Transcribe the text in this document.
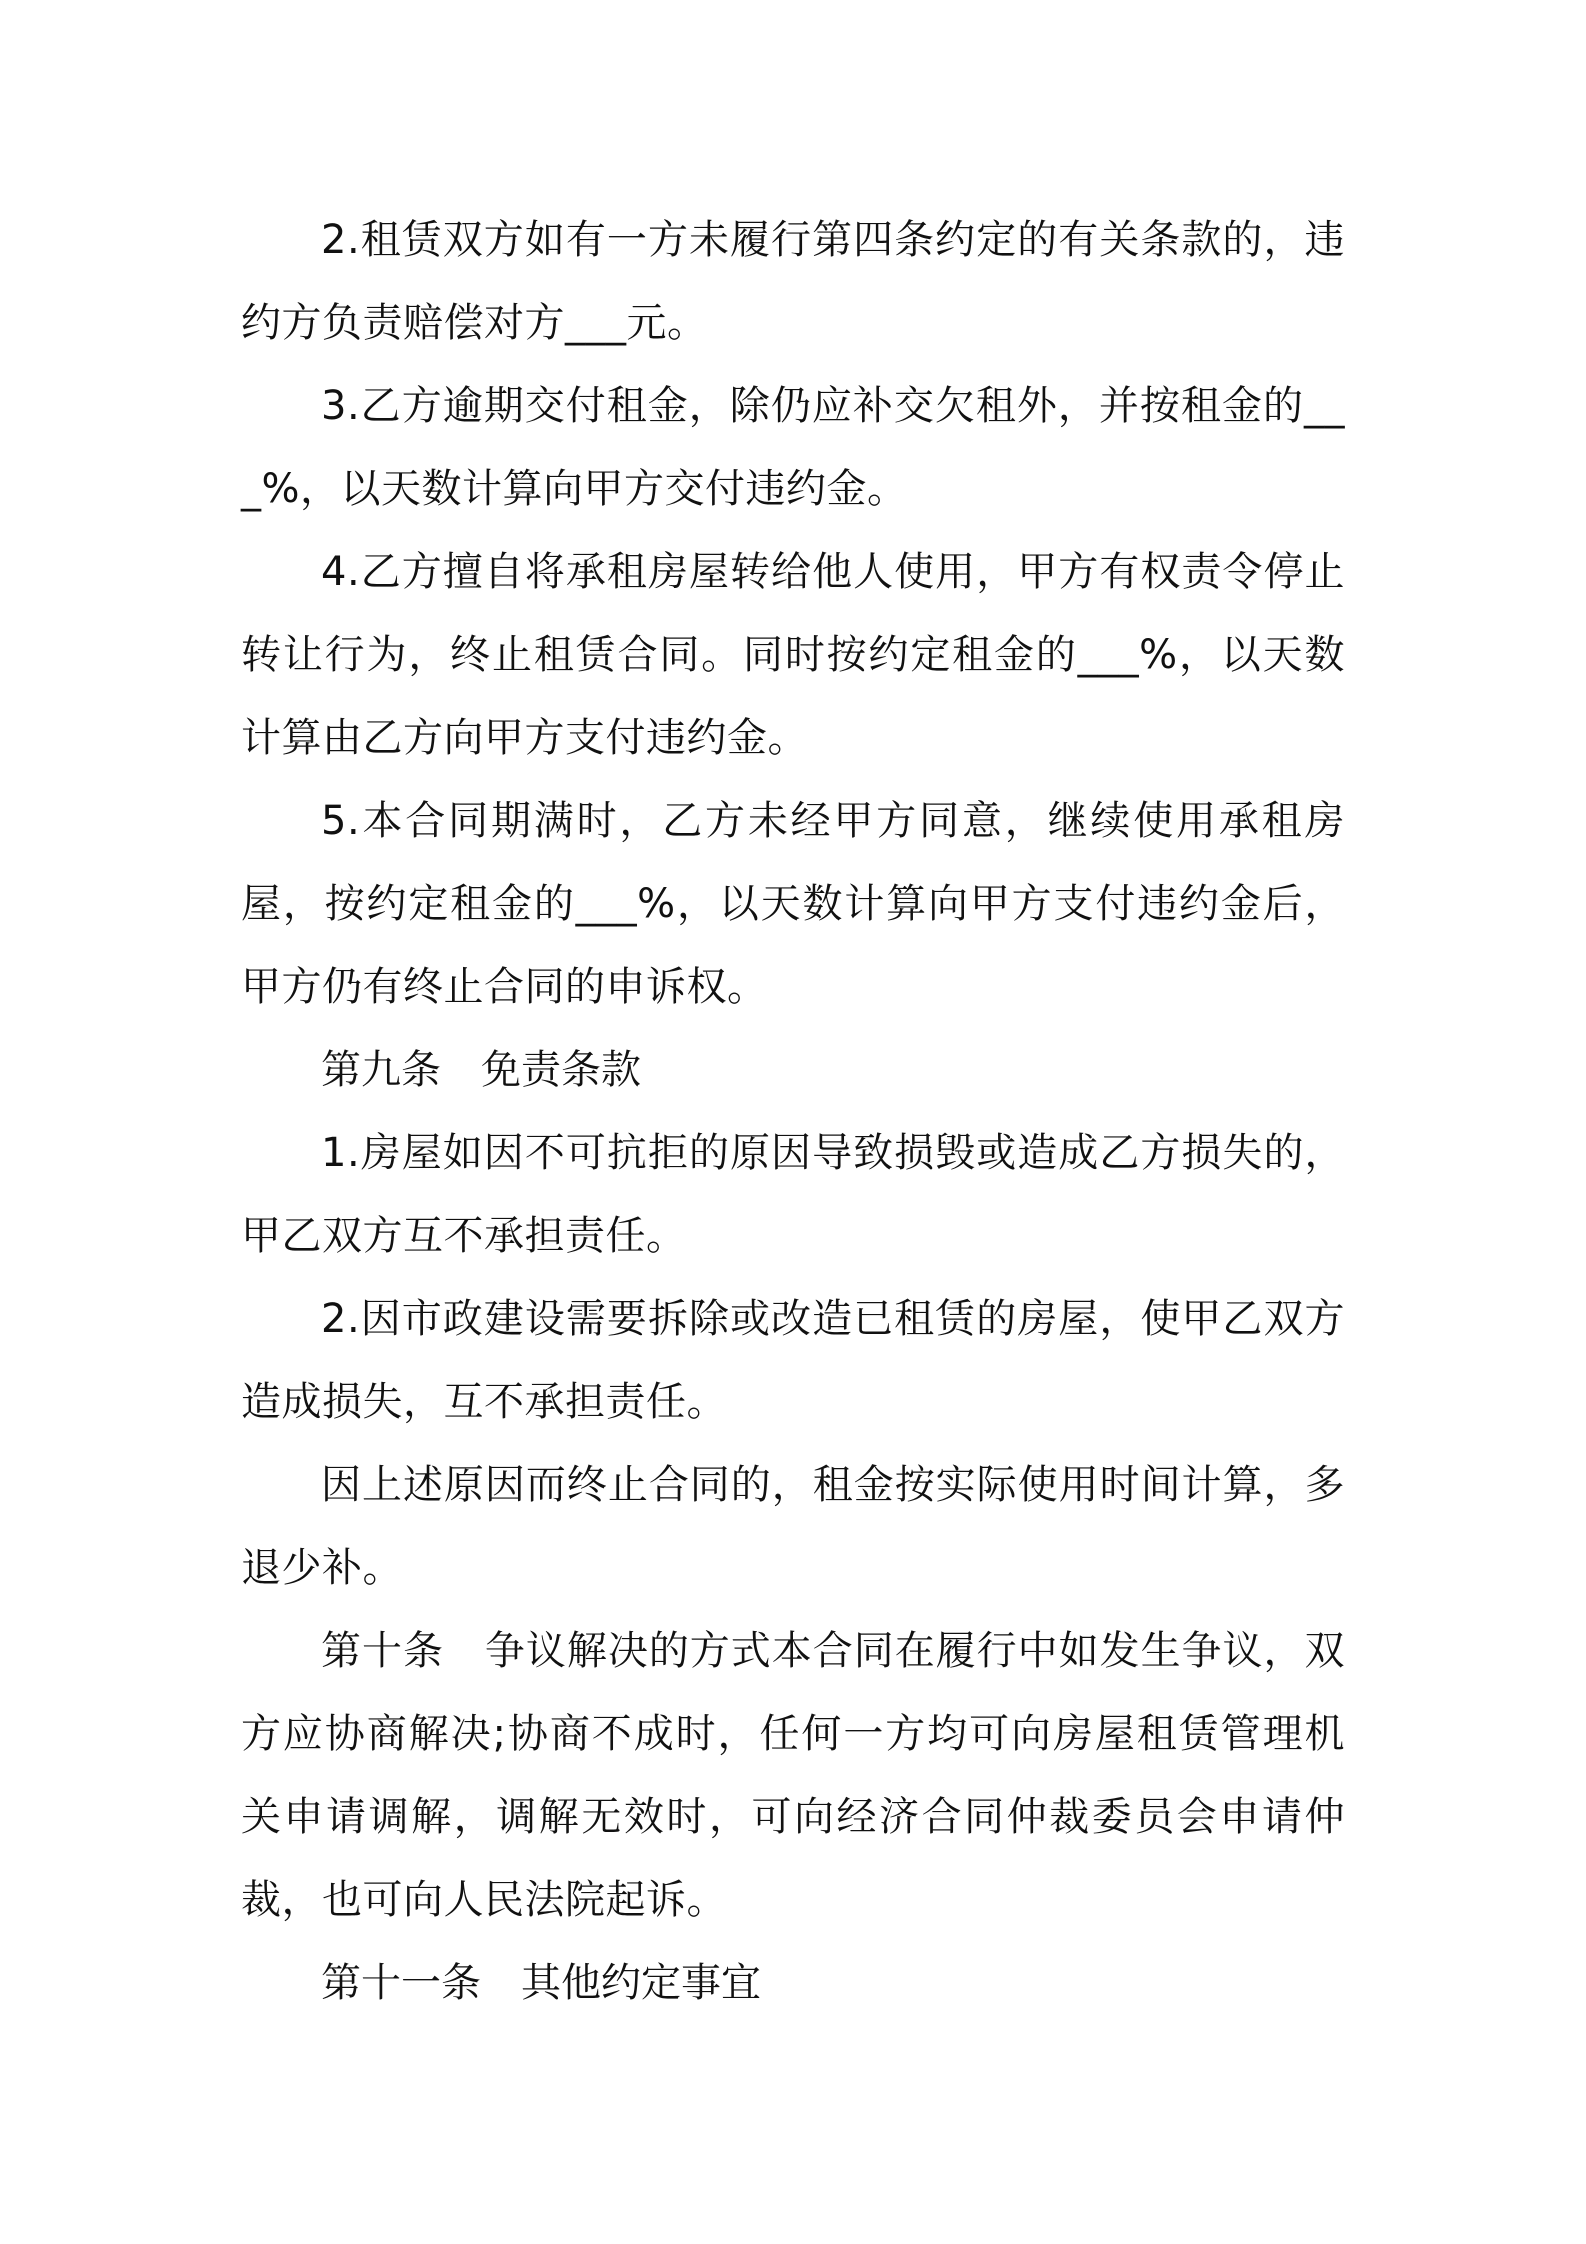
2.租赁双方如有一方未履行第四条约定的有关条款的，违约方负责赔偿对方___元。

3.乙方逾期交付租金，除仍应补交欠租外，并按租金的___%，以天数计算向甲方交付违约金。

4.乙方擅自将承租房屋转给他人使用，甲方有权责令停止转让行为，终止租赁合同。同时按约定租金的___%，以天数计算由乙方向甲方支付违约金。

5.本合同期满时，乙方未经甲方同意，继续使用承租房屋，按约定租金的___%，以天数计算向甲方支付违约金后，甲方仍有终止合同的申诉权。

第九条　免责条款

1.房屋如因不可抗拒的原因导致损毁或造成乙方损失的，甲乙双方互不承担责任。

2.因市政建设需要拆除或改造已租赁的房屋，使甲乙双方造成损失，互不承担责任。

因上述原因而终止合同的，租金按实际使用时间计算，多退少补。

第十条　争议解决的方式本合同在履行中如发生争议，双方应协商解决;协商不成时，任何一方均可向房屋租赁管理机关申请调解，调解无效时，可向经济合同仲裁委员会申请仲裁，也可向人民法院起诉。

第十一条　其他约定事宜
